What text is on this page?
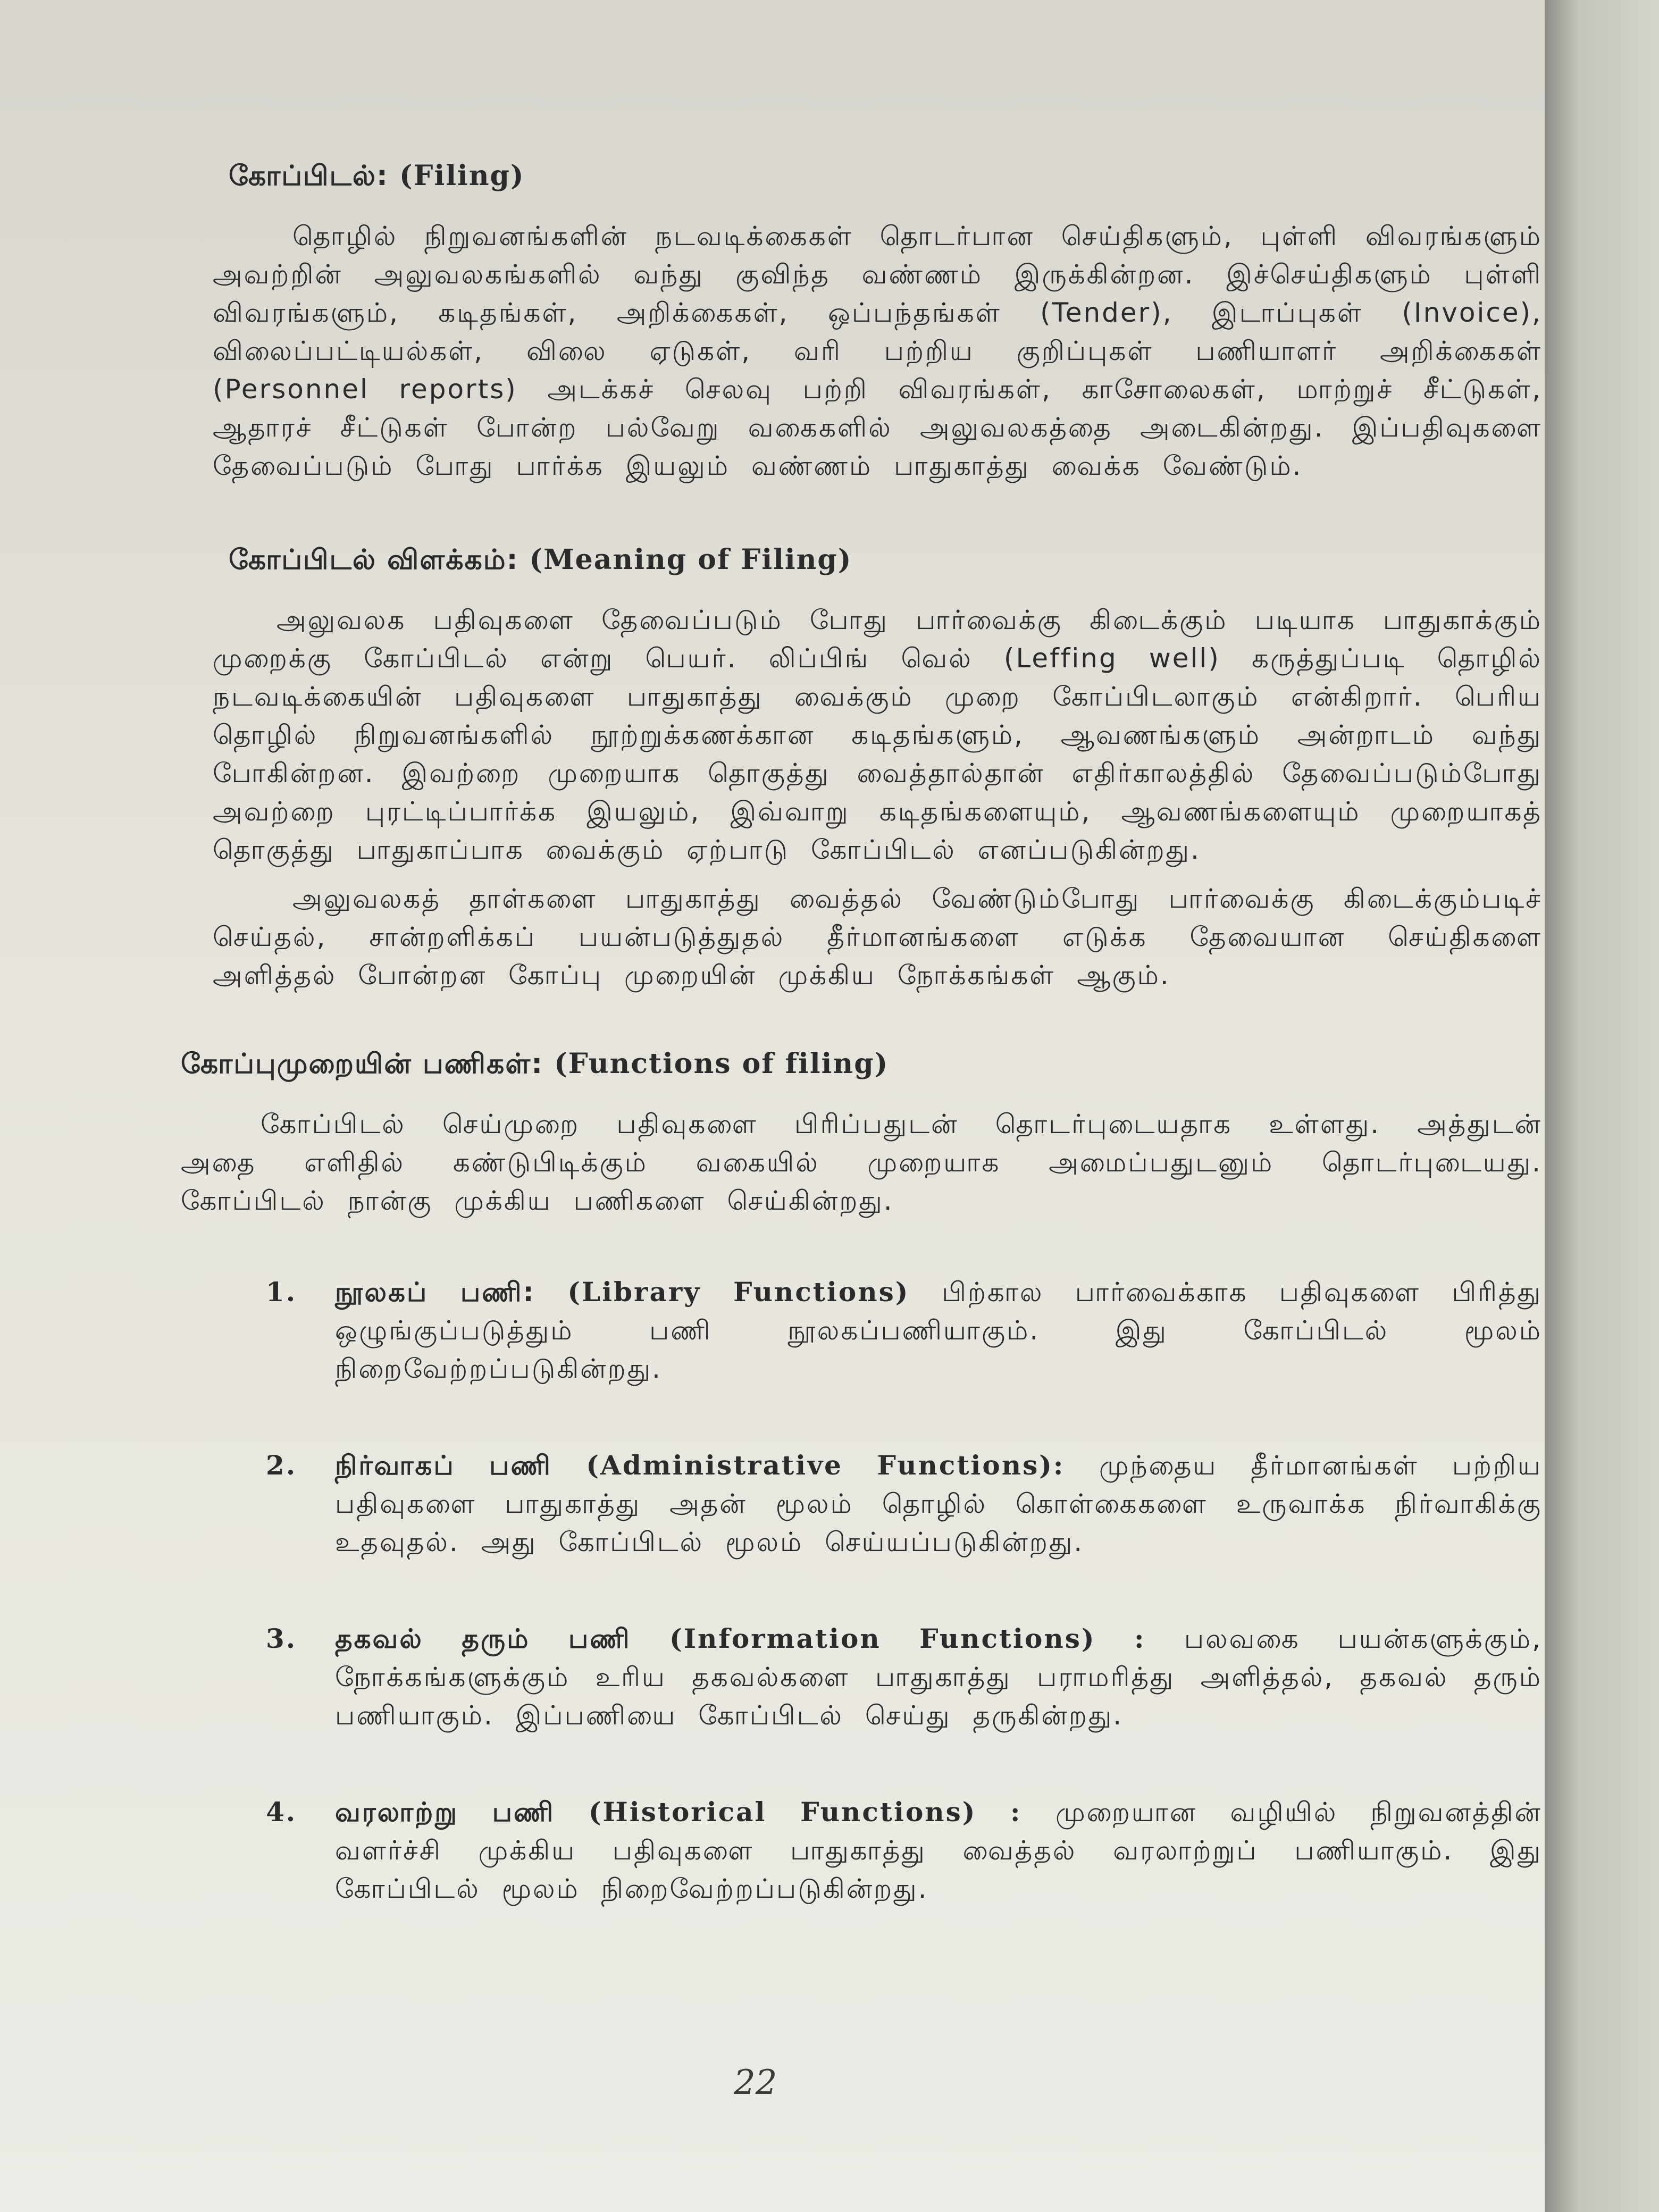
கோப்பிடல்: (Filing)

தொழில் நிறுவனங்களின் நடவடிக்கைகள் தொடர்பான செய்திகளும், புள்ளி விவரங்களும் அவற்றின் அலுவலகங்களில் வந்து குவிந்த வண்ணம் இருக்கின்றன. இச்செய்திகளும் புள்ளி விவரங்களும், கடிதங்கள், அறிக்கைகள், ஒப்பந்தங்கள் (Tender), இடாப்புகள் (Invoice), விலைப்பட்டியல்கள், விலை ஏடுகள், வரி பற்றிய குறிப்புகள் பணியாளர் அறிக்கைகள் (Personnel reports) அடக்கச் செலவு பற்றி விவரங்கள், காசோலைகள், மாற்றுச் சீட்டுகள், ஆதாரச் சீட்டுகள் போன்ற பல்வேறு வகைகளில் அலுவலகத்தை அடைகின்றது. இப்பதிவுகளை தேவைப்படும் போது பார்க்க இயலும் வண்ணம் பாதுகாத்து வைக்க வேண்டும்.

கோப்பிடல் விளக்கம்: (Meaning of Filing)

அலுவலக பதிவுகளை தேவைப்படும் போது பார்வைக்கு கிடைக்கும் படியாக பாதுகாக்கும் முறைக்கு கோப்பிடல் என்று பெயர். லிப்பிங் வெல் (Leffing well) கருத்துப்படி தொழில் நடவடிக்கையின் பதிவுகளை பாதுகாத்து வைக்கும் முறை கோப்பிடலாகும் என்கிறார். பெரிய தொழில் நிறுவனங்களில் நூற்றுக்கணக்கான கடிதங்களும், ஆவணங்களும் அன்றாடம் வந்து போகின்றன. இவற்றை முறையாக தொகுத்து வைத்தால்தான் எதிர்காலத்தில் தேவைப்படும்போது அவற்றை புரட்டிப்பார்க்க இயலும், இவ்வாறு கடிதங்களையும், ஆவணங்களையும் முறையாகத் தொகுத்து பாதுகாப்பாக வைக்கும் ஏற்பாடு கோப்பிடல் எனப்படுகின்றது.

அலுவலகத் தாள்களை பாதுகாத்து வைத்தல் வேண்டும்போது பார்வைக்கு கிடைக்கும்படிச் செய்தல், சான்றளிக்கப் பயன்படுத்துதல் தீர்மானங்களை எடுக்க தேவையான செய்திகளை அளித்தல் போன்றன கோப்பு முறையின் முக்கிய நோக்கங்கள் ஆகும்.

கோப்புமுறையின் பணிகள்: (Functions of filing)

கோப்பிடல் செய்முறை பதிவுகளை பிரிப்பதுடன் தொடர்புடையதாக உள்ளது. அத்துடன் அதை எளிதில் கண்டுபிடிக்கும் வகையில் முறையாக அமைப்பதுடனும் தொடர்புடையது. கோப்பிடல் நான்கு முக்கிய பணிகளை செய்கின்றது.

1. நூலகப் பணி: (Library Functions) பிற்கால பார்வைக்காக பதிவுகளை பிரித்து ஒழுங்குப்படுத்தும் பணி நூலகப்பணியாகும். இது கோப்பிடல் மூலம் நிறைவேற்றப்படுகின்றது.
2. நிர்வாகப் பணி (Administrative Functions): முந்தைய தீர்மானங்கள் பற்றிய பதிவுகளை பாதுகாத்து அதன் மூலம் தொழில் கொள்கைகளை உருவாக்க நிர்வாகிக்கு உதவுதல். அது கோப்பிடல் மூலம் செய்யப்படுகின்றது.
3. தகவல் தரும் பணி (Information Functions) : பலவகை பயன்களுக்கும், நோக்கங்களுக்கும் உரிய தகவல்களை பாதுகாத்து பராமரித்து அளித்தல், தகவல் தரும் பணியாகும். இப்பணியை கோப்பிடல் செய்து தருகின்றது.
4. வரலாற்று பணி (Historical Functions) : முறையான வழியில் நிறுவனத்தின் வளர்ச்சி முக்கிய பதிவுகளை பாதுகாத்து வைத்தல் வரலாற்றுப் பணியாகும். இது கோப்பிடல் மூலம் நிறைவேற்றப்படுகின்றது.
22
